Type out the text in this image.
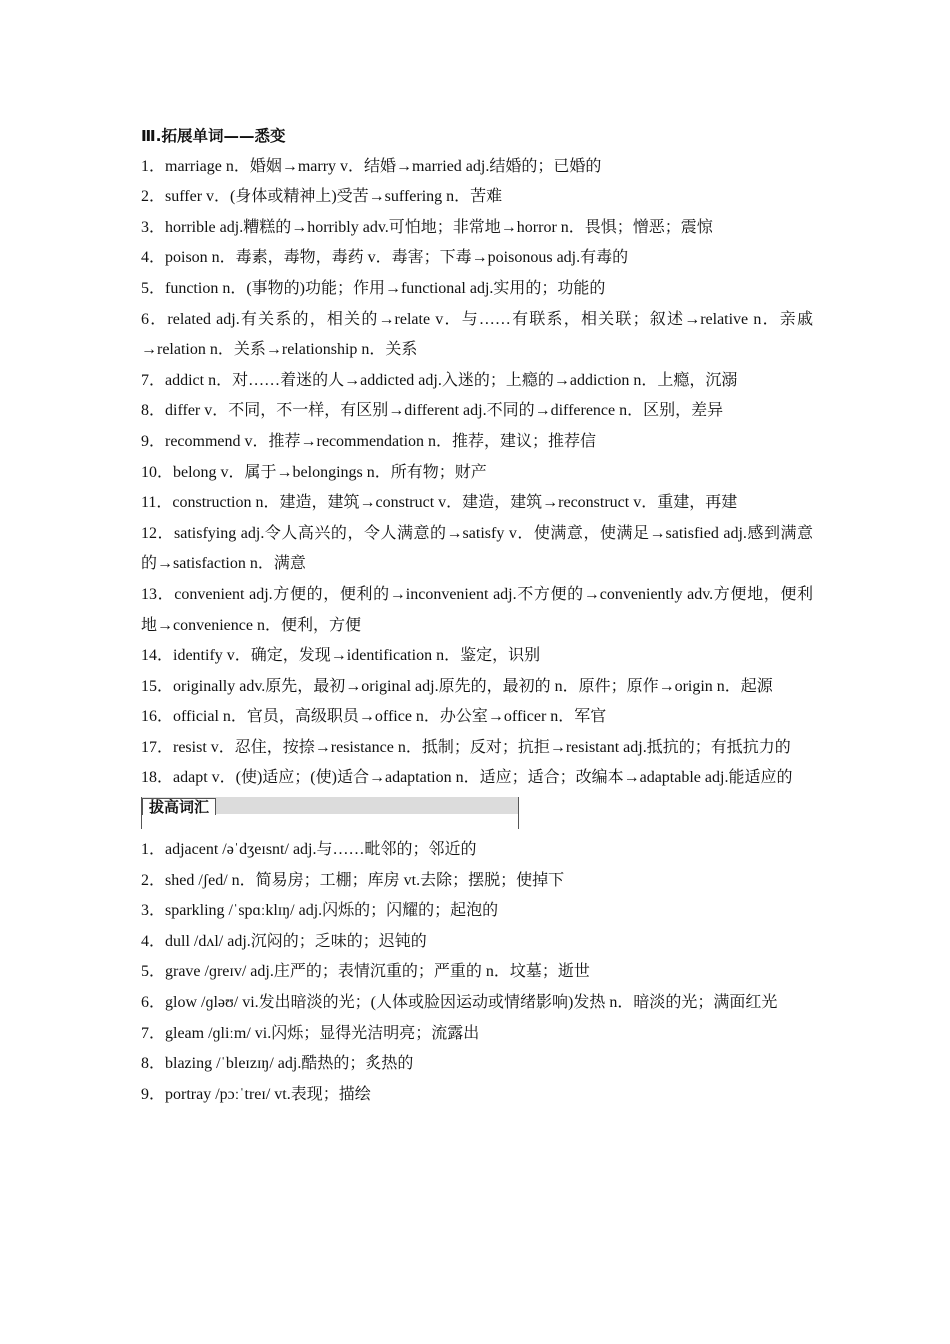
Ⅲ.拓展单词——悉变
1．marriage n．婚姻→marry v．结婚→married adj.结婚的；已婚的
2．suffer v．(身体或精神上)受苦→suffering n．苦难
3．horrible adj.糟糕的→horribly adv.可怕地；非常地→horror n．畏惧；憎恶；震惊
4．poison n．毒素，毒物，毒药 v．毒害；下毒→poisonous adj.有毒的
5．function n．(事物的)功能；作用→functional adj.实用的；功能的
6．related adj.有关系的，相关的→relate v．与……有联系，相关联；叙述→relative n．亲戚→relation n．关系→relationship n．关系
7．addict n．对……着迷的人→addicted adj.入迷的；上瘾的→addiction n．上瘾，沉溺
8．differ v．不同，不一样，有区别→different adj.不同的→difference n．区别，差异
9．recommend v．推荐→recommendation n．推荐，建议；推荐信
10．belong v．属于→belongings n．所有物；财产
11．construction n．建造，建筑→construct v．建造，建筑→reconstruct v．重建，再建
12．satisfying adj.令人高兴的，令人满意的→satisfy v．使满意，使满足→satisfied adj.感到满意的→satisfaction n．满意
13．convenient adj.方便的，便利的→inconvenient adj.不方便的→conveniently adv.方便地，便利地→convenience n．便利，方便
14．identify v．确定，发现→identification n．鉴定，识别
15．originally adv.原先，最初→original adj.原先的，最初的 n．原件；原作→origin n．起源
16．official n．官员，高级职员→office n．办公室→officer n．军官
17．resist v．忍住，按捺→resistance n．抵制；反对；抗拒→resistant adj.抵抗的；有抵抗力的
18．adapt v．(使)适应；(使)适合→adaptation n．适应；适合；改编本→adaptable adj.能适应的
拔高词汇
1．adjacent /əˈdʒeɪsnt/ adj.与……毗邻的；邻近的
2．shed /ʃed/ n．简易房；工棚；库房 vt.去除；摆脱；使掉下
3．sparkling /ˈspɑːklɪŋ/ adj.闪烁的；闪耀的；起泡的
4．dull /dʌl/ adj.沉闷的；乏味的；迟钝的
5．grave /ɡreɪv/ adj.庄严的；表情沉重的；严重的 n．坟墓；逝世
6．glow /ɡləʊ/ vi.发出暗淡的光；(人体或脸因运动或情绪影响)发热 n．暗淡的光；满面红光
7．gleam /ɡliːm/ vi.闪烁；显得光洁明亮；流露出
8．blazing /ˈbleɪzɪŋ/ adj.酷热的；炙热的
9．portray /pɔːˈtreɪ/ vt.表现；描绘
